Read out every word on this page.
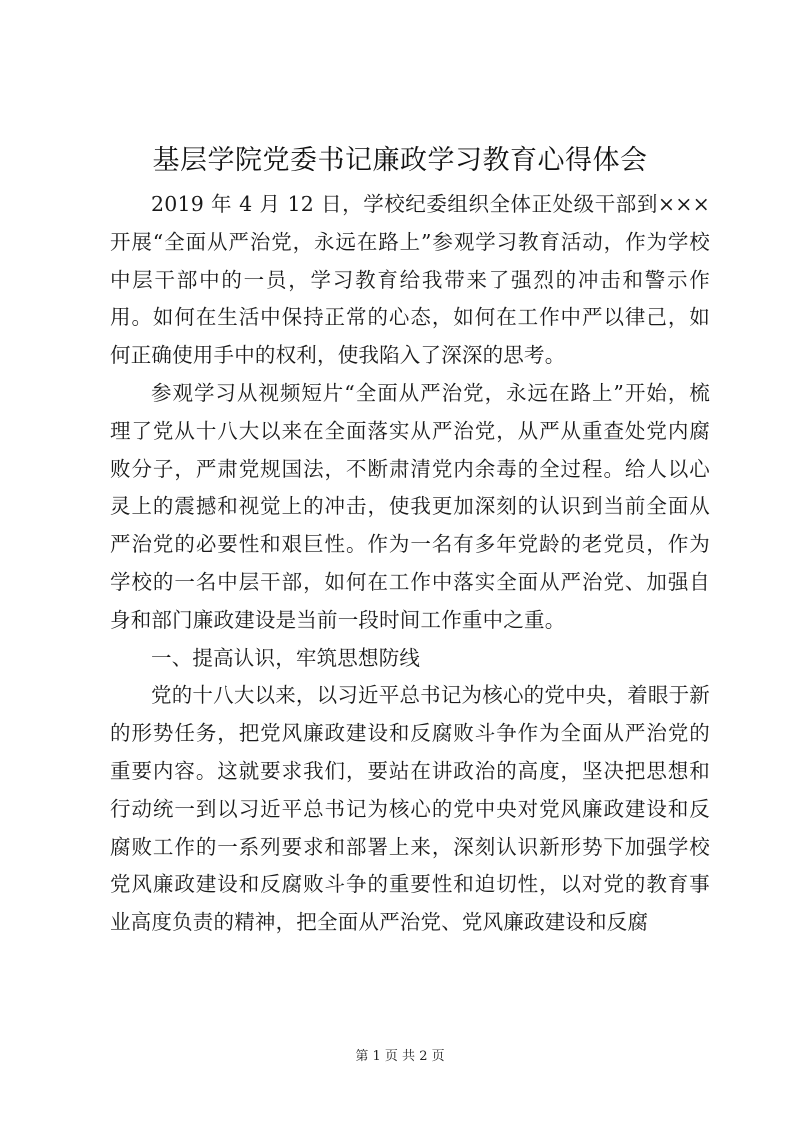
基层学院党委书记廉政学习教育心得体会

2019 年 4 月 12 日，学校纪委组织全体正处级干部到×××开展“全面从严治党，永远在路上”参观学习教育活动，作为学校中层干部中的一员，学习教育给我带来了强烈的冲击和警示作用。如何在生活中保持正常的心态，如何在工作中严以律己，如何正确使用手中的权利，使我陷入了深深的思考。

参观学习从视频短片“全面从严治党，永远在路上”开始，梳理了党从十八大以来在全面落实从严治党，从严从重查处党内腐败分子，严肃党规国法，不断肃清党内余毒的全过程。给人以心灵上的震撼和视觉上的冲击，使我更加深刻的认识到当前全面从严治党的必要性和艰巨性。作为一名有多年党龄的老党员，作为学校的一名中层干部，如何在工作中落实全面从严治党、加强自身和部门廉政建设是当前一段时间工作重中之重。

一、提高认识，牢筑思想防线

党的十八大以来，以习近平总书记为核心的党中央，着眼于新的形势任务，把党风廉政建设和反腐败斗争作为全面从严治党的重要内容。这就要求我们，要站在讲政治的高度，坚决把思想和行动统一到以习近平总书记为核心的党中央对党风廉政建设和反腐败工作的一系列要求和部署上来，深刻认识新形势下加强学校党风廉政建设和反腐败斗争的重要性和迫切性，以对党的教育事业高度负责的精神，把全面从严治党、党风廉政建设和反腐

第 1 页 共 2 页
